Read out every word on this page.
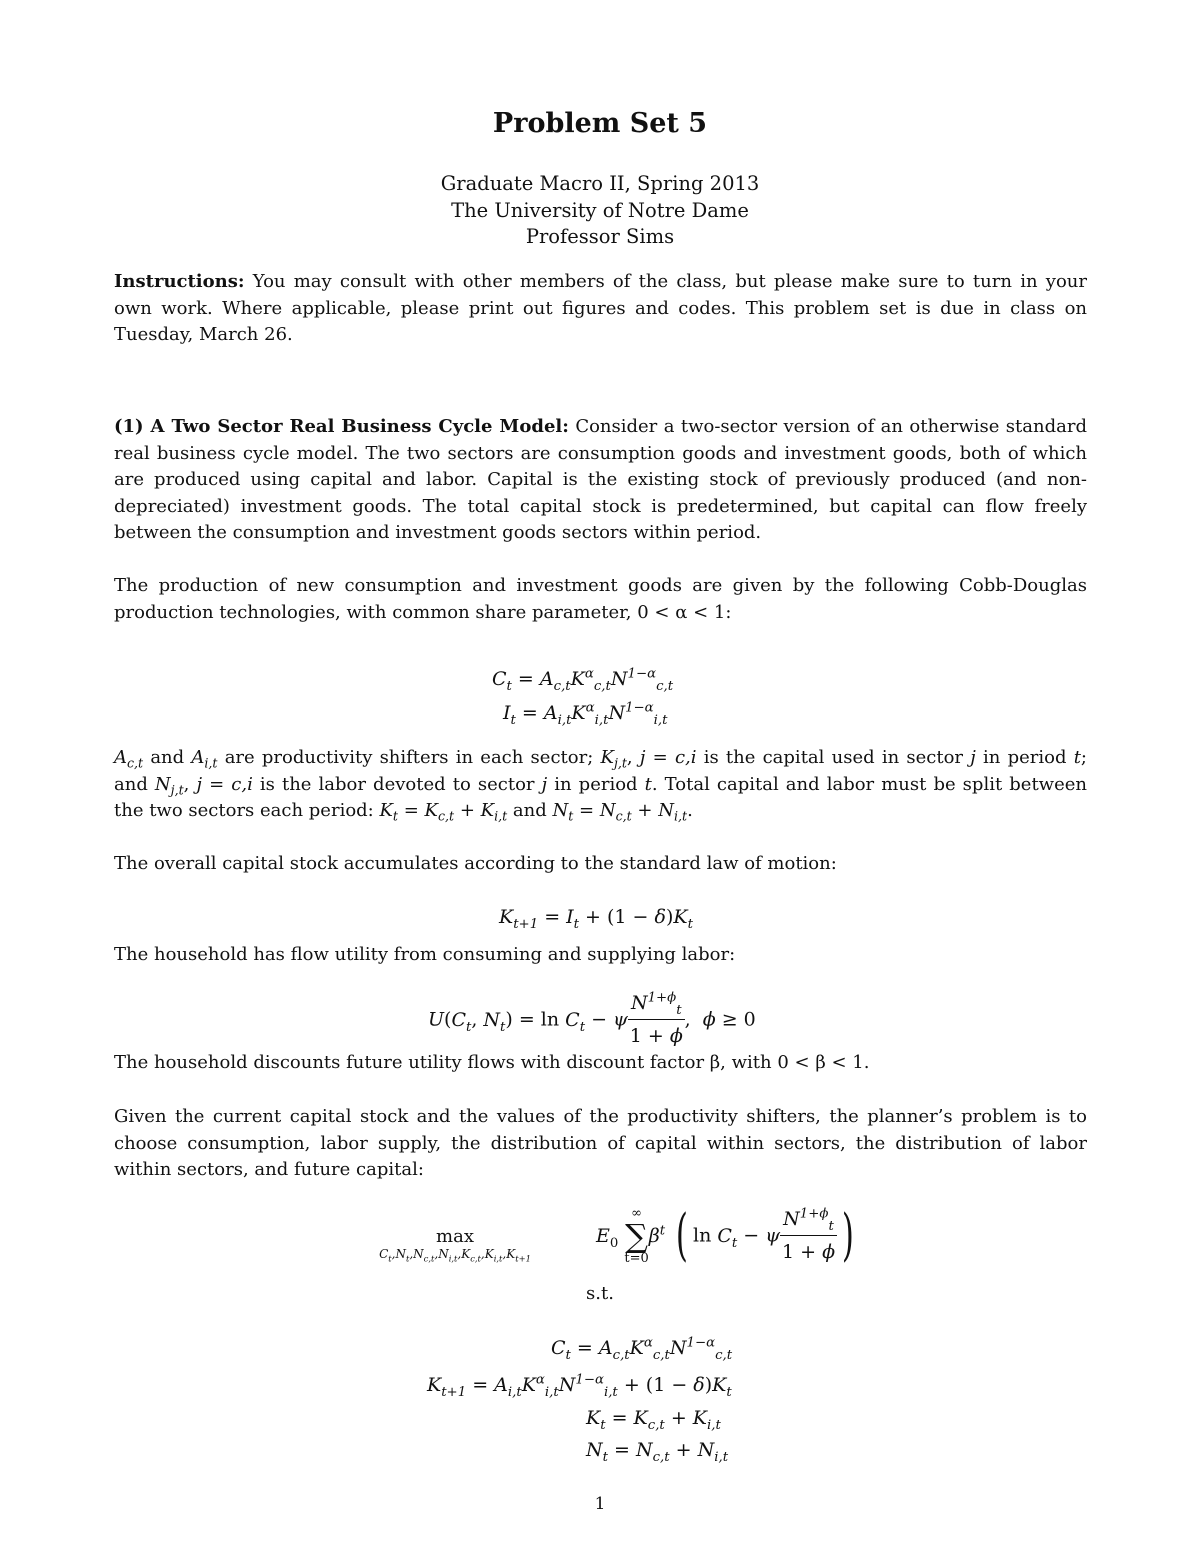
Problem Set 5
Graduate Macro II, Spring 2013
The University of Notre Dame
Professor Sims

Instructions: You may consult with other members of the class, but please make sure to turn in your own work. Where applicable, please print out figures and codes. This problem set is due in class on Tuesday, March 26.

(1) A Two Sector Real Business Cycle Model: Consider a two-sector version of an otherwise standard real business cycle model. The two sectors are consumption goods and investment goods, both of which are produced using capital and labor. Capital is the existing stock of previously produced (and non-depreciated) investment goods. The total capital stock is predetermined, but capital can flow freely between the consumption and investment goods sectors within period.

The production of new consumption and investment goods are given by the following Cobb-Douglas production technologies, with common share parameter, 0 < α < 1:

$C_t = A_{c,t}K^\alpha_{c,t}N^{1-\alpha}_{c,t}$
$I_t = A_{i,t}K^\alpha_{i,t}N^{1-\alpha}_{i,t}$

$A_{c,t}$ and $A_{i,t}$ are productivity shifters in each sector; $K_{j,t}$, j = c,i is the capital used in sector j in period t; and $N_{j,t}$, j = c,i is the labor devoted to sector j in period t. Total capital and labor must be split between the two sectors each period: $K_t = K_{c,t} + K_{i,t}$ and $N_t = N_{c,t} + N_{i,t}$.

The overall capital stock accumulates according to the standard law of motion:

$K_{t+1} = I_t + (1 - \delta)K_t$

The household has flow utility from consuming and supplying labor:

$U(C_t$, $N_t) = \ln C_t - \psi \frac{N^{1+\phi}_t}{1 + \phi}$ ,  ϕ ≥ 0

The household discounts future utility flows with discount factor β, with 0 < β < 1.

Given the current capital stock and the values of the productivity shifters, the planner’s problem is to choose consumption, labor supply, the distribution of capital within sectors, the distribution of labor within sectors, and future capital:

max
$C_t,N_t,N_{c,t},N_{i,t},K_{c,t},K_{i,t},K_{t+1}$
$E_0$
∞
∑
t=0
$\beta^t$ ( $\ln C_t - \psi \frac{N^{1+\phi}_t}{1 + \phi}$ )
s.t.
$C_t = A_{c,t}K^\alpha_{c,t}N^{1-\alpha}_{c,t}$
$K_{t+1} = A_{i,t}K^\alpha_{i,t}N^{1-\alpha}_{i,t} + (1 - \delta)K_t$
$K_t = K_{c,t} + K_{i,t}$
$N_t = N_{c,t} + N_{i,t}$
1
